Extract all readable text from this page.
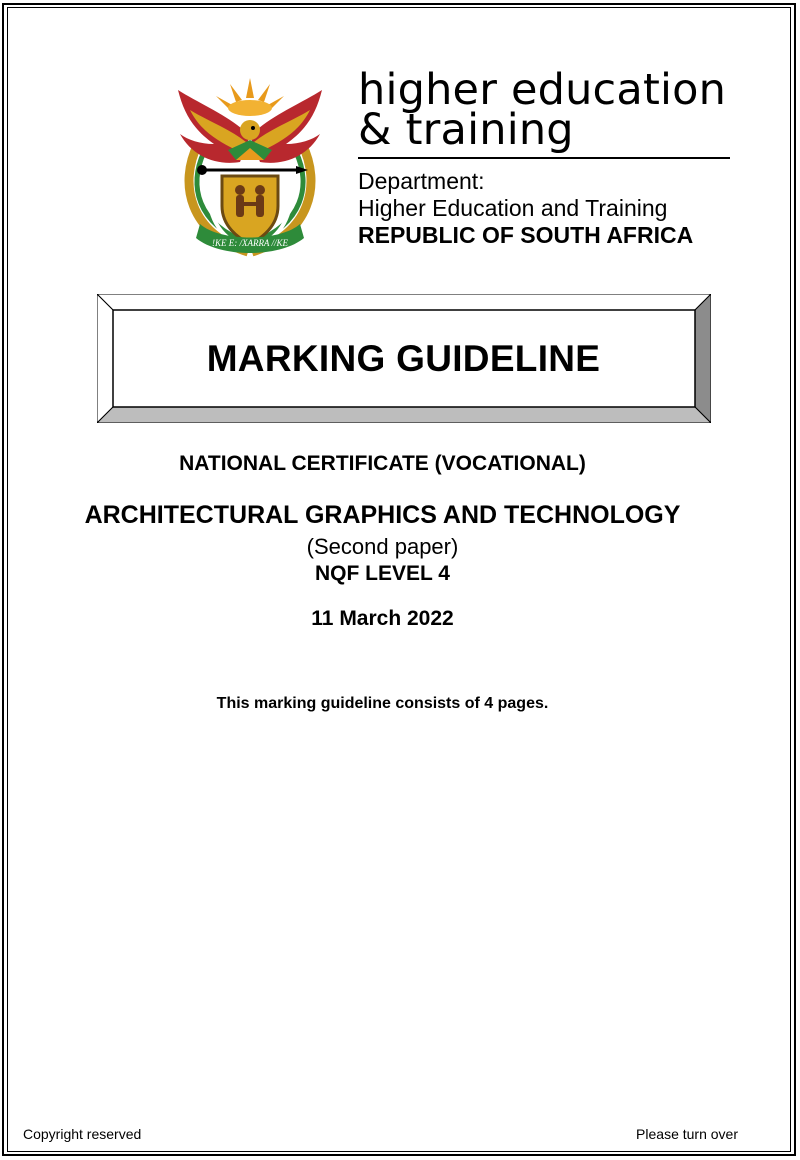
!KE E: /XARRA //KE
higher education
& training
Department:
Higher Education and Training
REPUBLIC OF SOUTH AFRICA
MARKING GUIDELINE
NATIONAL CERTIFICATE (VOCATIONAL)
ARCHITECTURAL GRAPHICS AND TECHNOLOGY
(Second paper)
NQF LEVEL 4
11 March 2022
This marking guideline consists of 4 pages.
Copyright reserved	Please turn over
